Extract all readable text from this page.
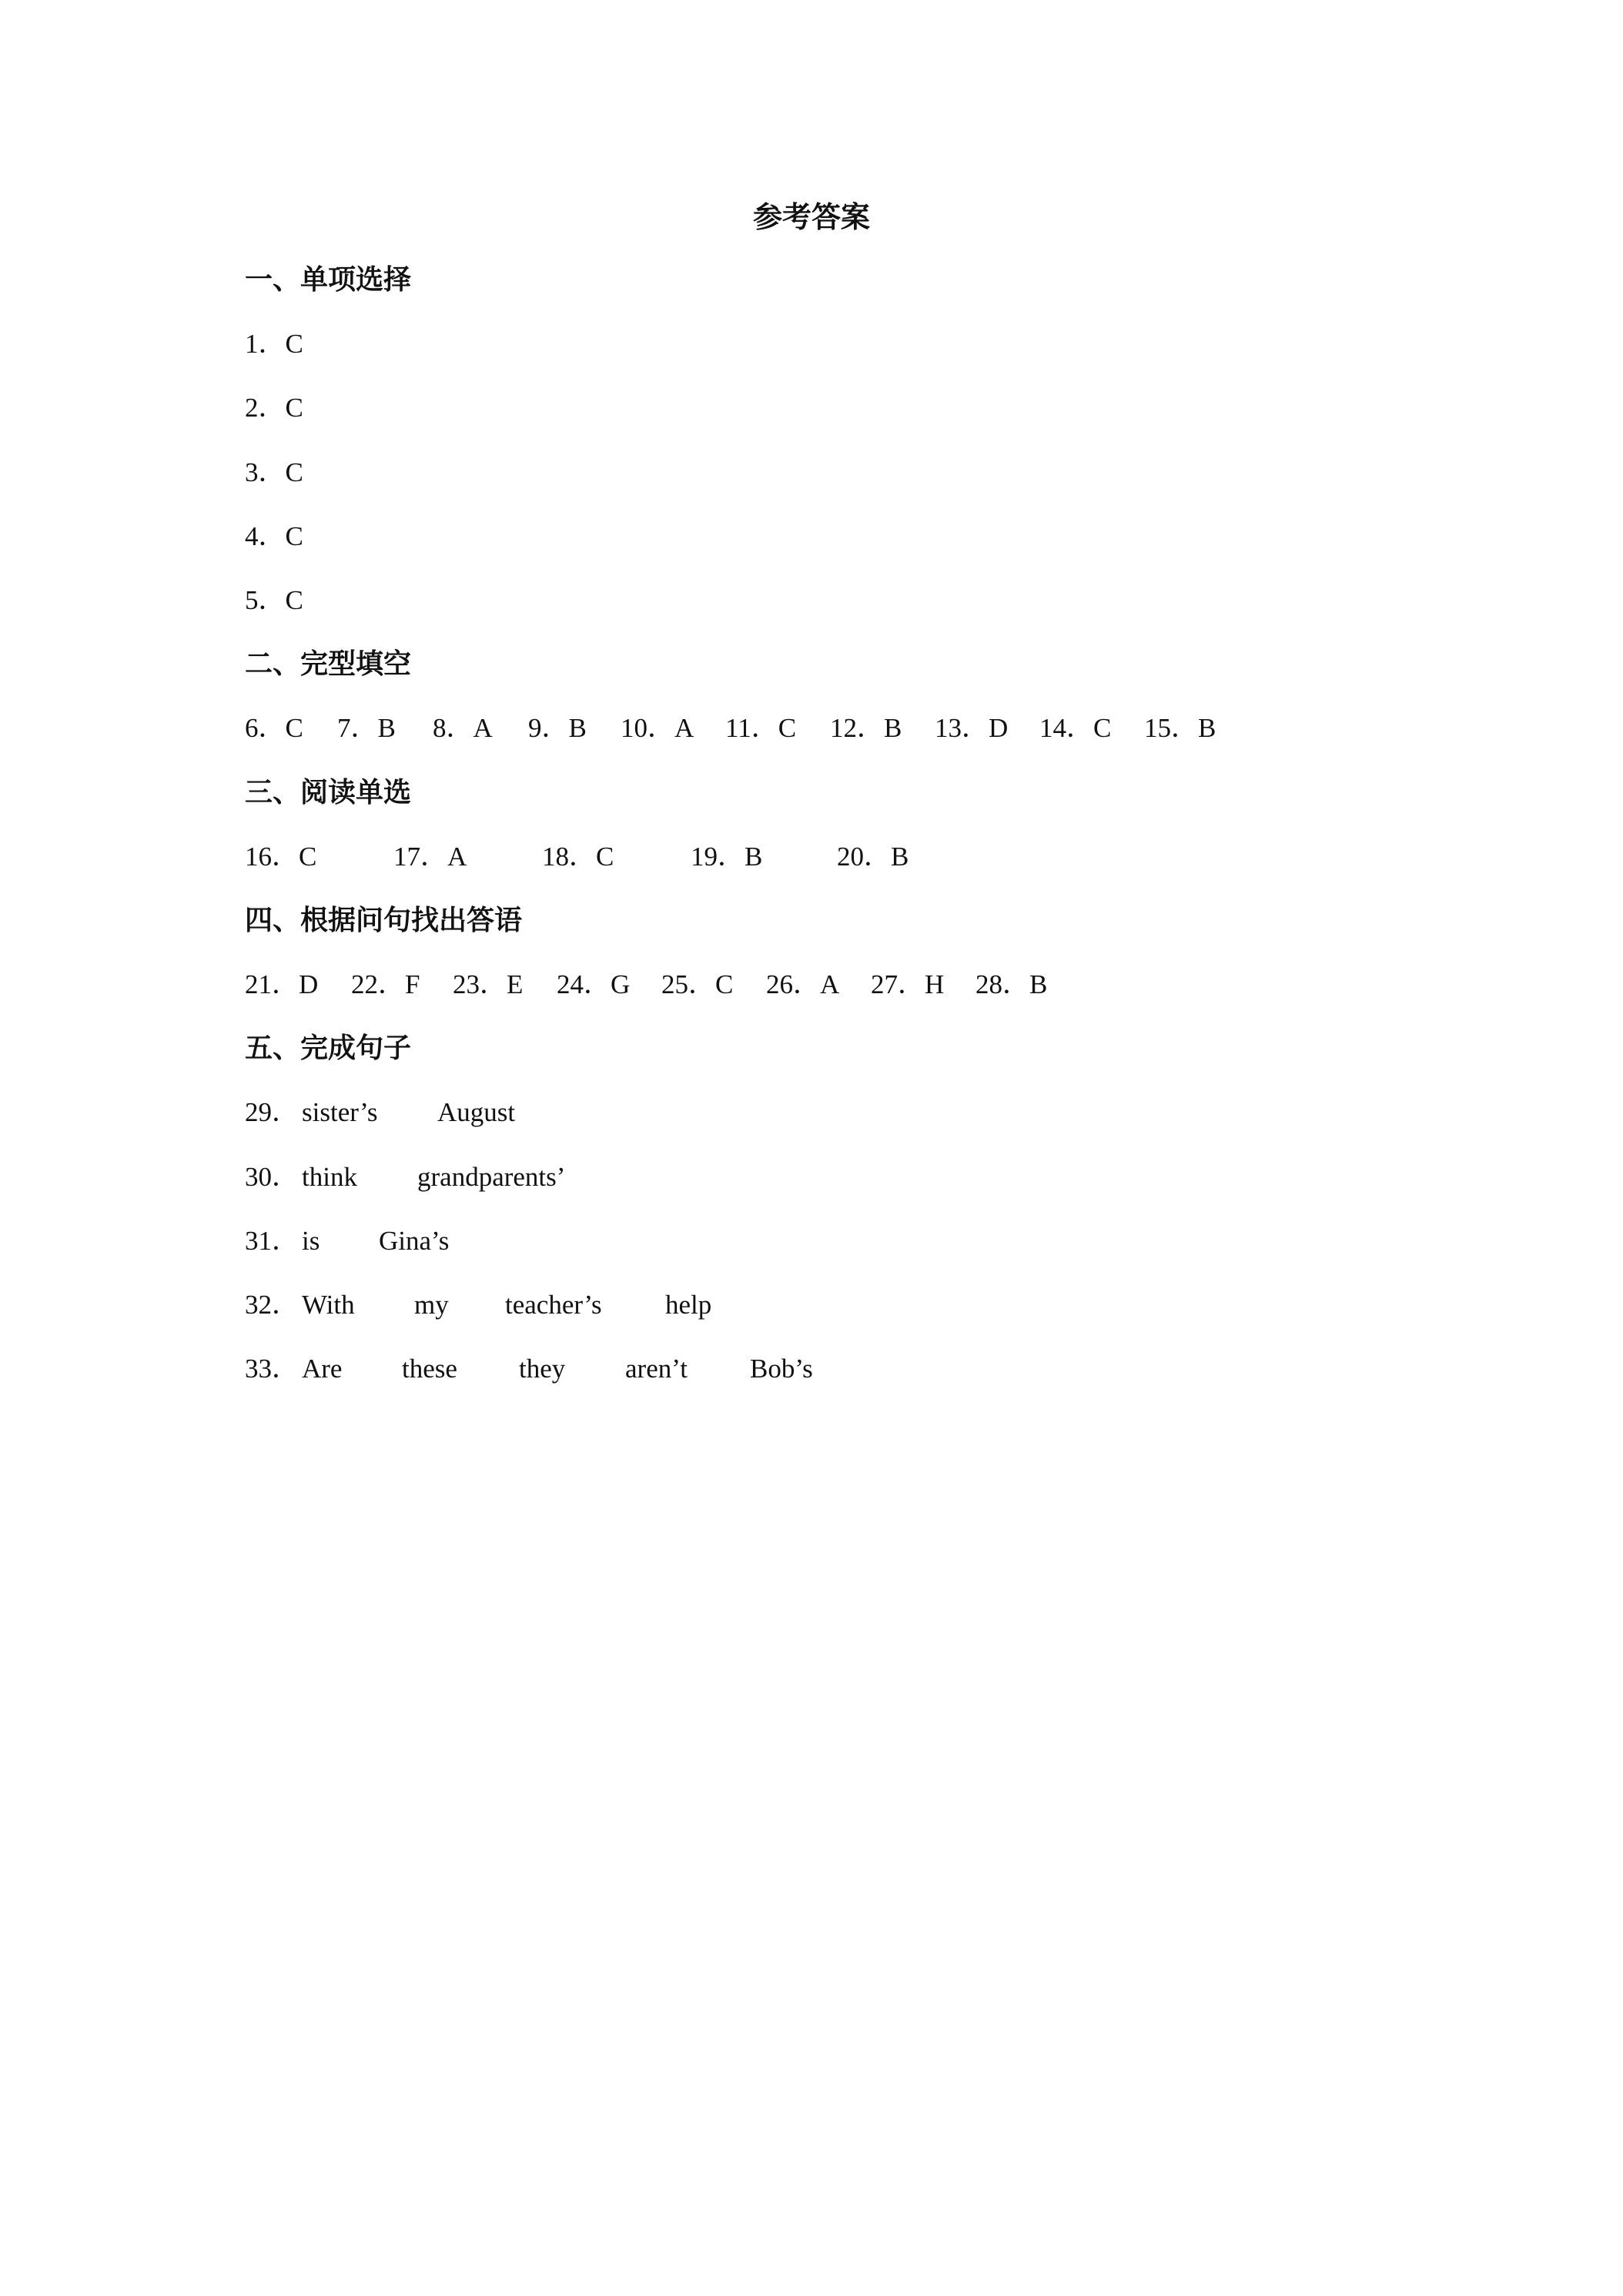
参考答案
一、单项选择
1．C
2．C
3．C
4．C
5．C
二、完型填空
6．C 7．B 8．A 9．B 10．A 11．C 12．B 13．D 14．C 15．B
三、阅读单选
16．C	17．A	18．C	19．B	20．B
四、根据问句找出答语
21．D 22．F 23．E 24．G 25．C 26．A 27．H 28．B
五、完成句子
29． sister’s August
30． think grandparents’
31． is Gina’s
32． With my teacher’s help
33． Are these they aren’t Bob’s
